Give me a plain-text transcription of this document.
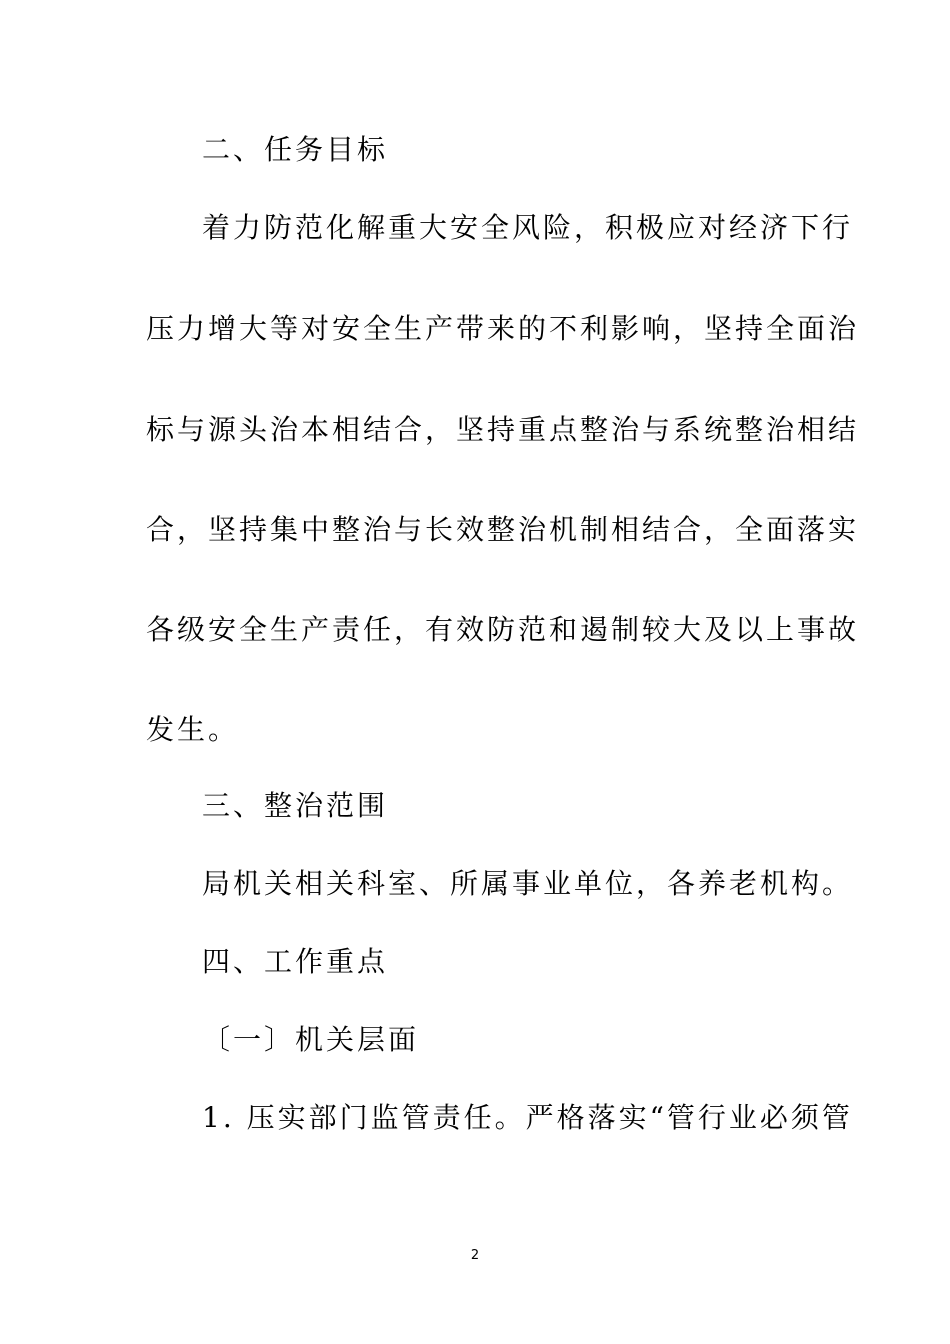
二、任务目标
着力防范化解重大安全风险，积极应对经济下行
压力增大等对安全生产带来的不利影响，坚持全面治
标与源头治本相结合，坚持重点整治与系统整治相结
合，坚持集中整治与长效整治机制相结合，全面落实
各级安全生产责任，有效防范和遏制较大及以上事故
发生。
三、整治范围
局机关相关科室、所属事业单位，各养老机构。
四、工作重点
〔一〕机关层面
1. 压实部门监管责任。严格落实“管行业必须管
2
